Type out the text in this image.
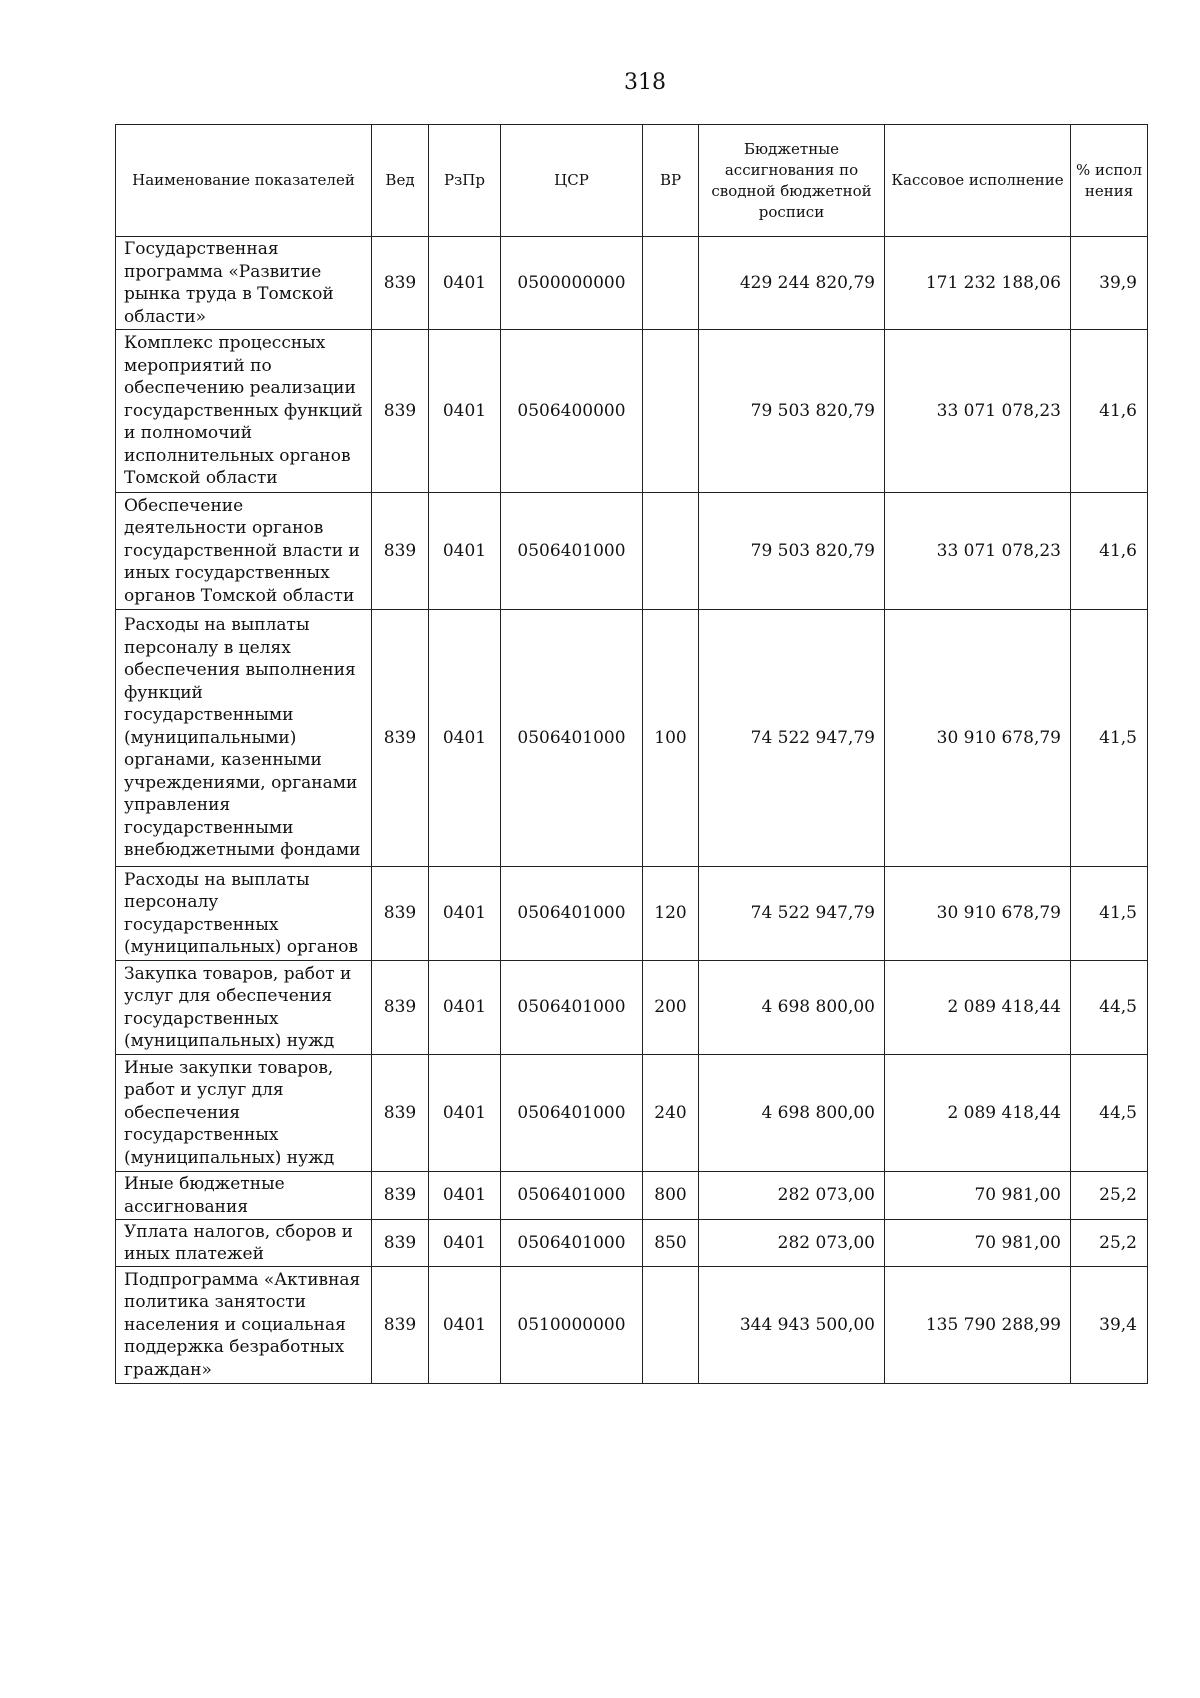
318
Наименование показателей	Вед	РзПр	ЦСР	ВР	Бюджетные ассигнования по сводной бюджетной росписи	Кассовое исполнение	% испол нения
Государственная программа «Развитие рынка труда в Томской области»	839	0401	0500000000		429 244 820,79	171 232 188,06	39,9
Комплекс процессных мероприятий по обеспечению реализации государственных функций и полномочий исполнительных органов Томской области	839	0401	0506400000		79 503 820,79	33 071 078,23	41,6
Обеспечение деятельности органов государственной власти и иных государственных органов Томской области	839	0401	0506401000		79 503 820,79	33 071 078,23	41,6
Расходы на выплаты персоналу в целях обеспечения выполнения функций государственными (муниципальными) органами, казенными учреждениями, органами управления государственными внебюджетными фондами	839	0401	0506401000	100	74 522 947,79	30 910 678,79	41,5
Расходы на выплаты персоналу государственных (муниципальных) органов	839	0401	0506401000	120	74 522 947,79	30 910 678,79	41,5
Закупка товаров, работ и услуг для обеспечения государственных (муниципальных) нужд	839	0401	0506401000	200	4 698 800,00	2 089 418,44	44,5
Иные закупки товаров, работ и услуг для обеспечения государственных (муниципальных) нужд	839	0401	0506401000	240	4 698 800,00	2 089 418,44	44,5
Иные бюджетные ассигнования	839	0401	0506401000	800	282 073,00	70 981,00	25,2
Уплата налогов, сборов и иных платежей	839	0401	0506401000	850	282 073,00	70 981,00	25,2
Подпрограмма «Активная политика занятости населения и социальная поддержка безработных граждан»	839	0401	0510000000		344 943 500,00	135 790 288,99	39,4
